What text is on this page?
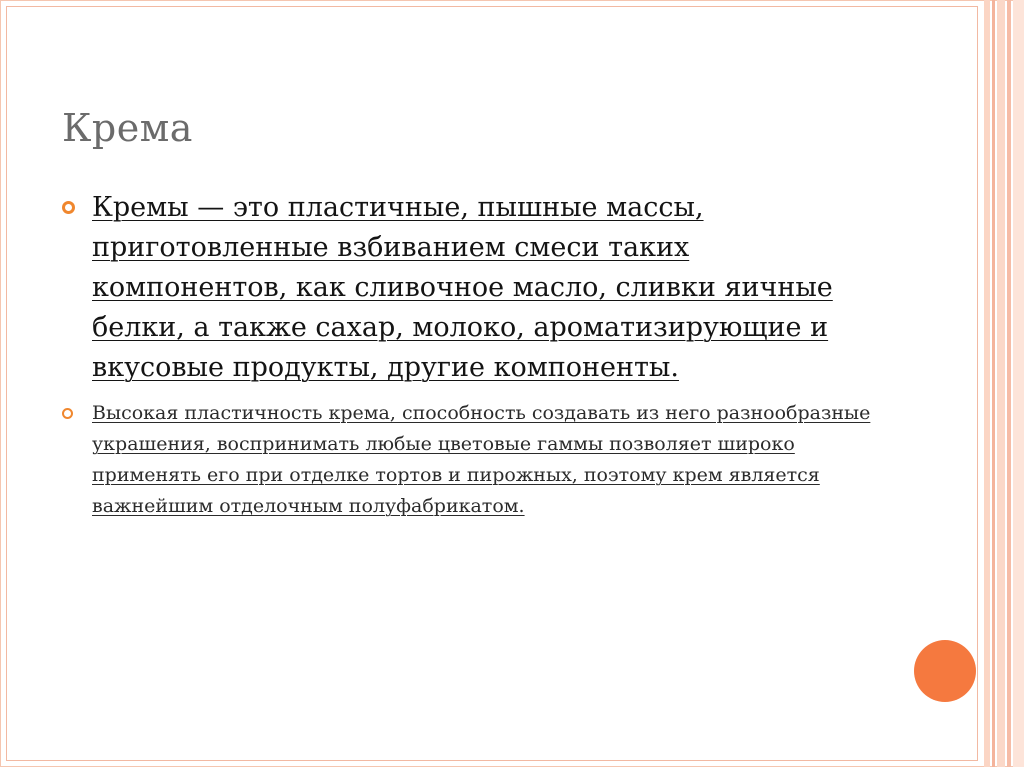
Крема
Кремы — это пластичные, пышные массы, приготовленные взбиванием смеси таких компонентов, как сливочное масло, сливки яичные белки, а также сахар, молоко, ароматизирующие и вкусовые продукты, другие компоненты.
Высокая пластичность крема, способность создавать из него разнообразные украшения, воспринимать любые цветовые гаммы позволяет широко применять его при отделке тортов и пирожных, поэтому крем является важнейшим отделочным полуфабрикатом.
